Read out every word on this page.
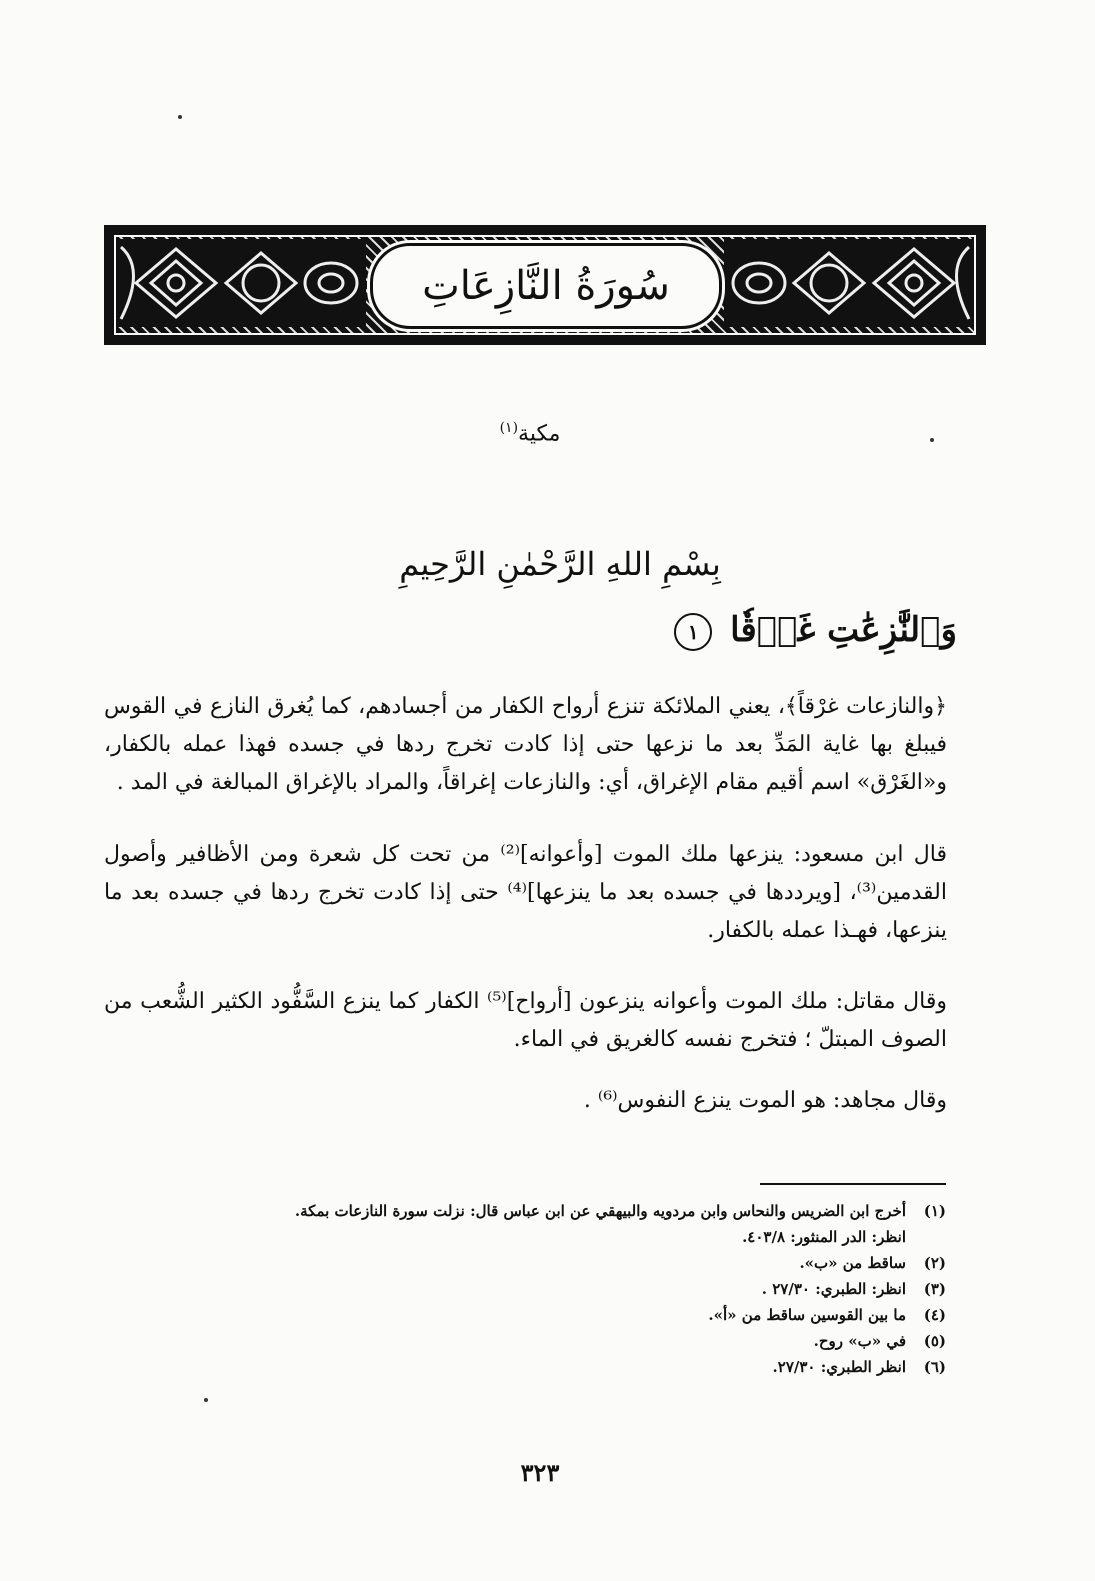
سُورَةُ النَّازِعَاتِ
مكية$^{(١)}$
بِسْمِ اللهِ الرَّحْمٰنِ الرَّحِيمِ
وَٱلنَّٰزِعَٰتِ غَرۡقٗا ١
﴿والنازعات غرْقاً﴾، يعني الملائكة تنزع أرواح الكفار من أجسادهم، كما يُغرق النازع في القوس فيبلغ بها غاية المَدِّ بعد ما نزعها حتى إذا كادت تخرج ردها في جسده فهذا عمله بالكفار، و«الغَرْق» اسم أقيم مقام الإغراق، أي: والنازعات إغراقاً، والمراد بالإغراق المبالغة في المد .
قال ابن مسعود: ينزعها ملك الموت [وأعوانه]⁽²⁾ من تحت كل شعرة ومن الأظافير وأصول القدمين⁽³⁾، [ويرددها في جسده بعد ما ينزعها]⁽⁴⁾ حتى إذا كادت تخرج ردها في جسده بعد ما ينزعها، فهـذا عمله بالكفار.
وقال مقاتل: ملك الموت وأعوانه ينزعون [أرواح]⁽⁵⁾ الكفار كما ينزع السَّفُّود الكثير الشُّعب من الصوف المبتلّ ؛ فتخرج نفسه كالغريق في الماء.
وقال مجاهد: هو الموت ينزع النفوس⁽⁶⁾ .
(١)
أخرج ابن الضريس والنحاس وابن مردويه والبيهقي عن ابن عباس قال: نزلت سورة النازعات بمكة.
انظر: الدر المنثور: ٤٠٣/٨.
(٢)
ساقط من «ب».
(٣)
انظر: الطبري: ٢٧/٣٠ .
(٤)
ما بين القوسين ساقط من «أ».
(٥)
في «ب» روح.
(٦)
انظر الطبري: ٢٧/٣٠.
٣٢٣
